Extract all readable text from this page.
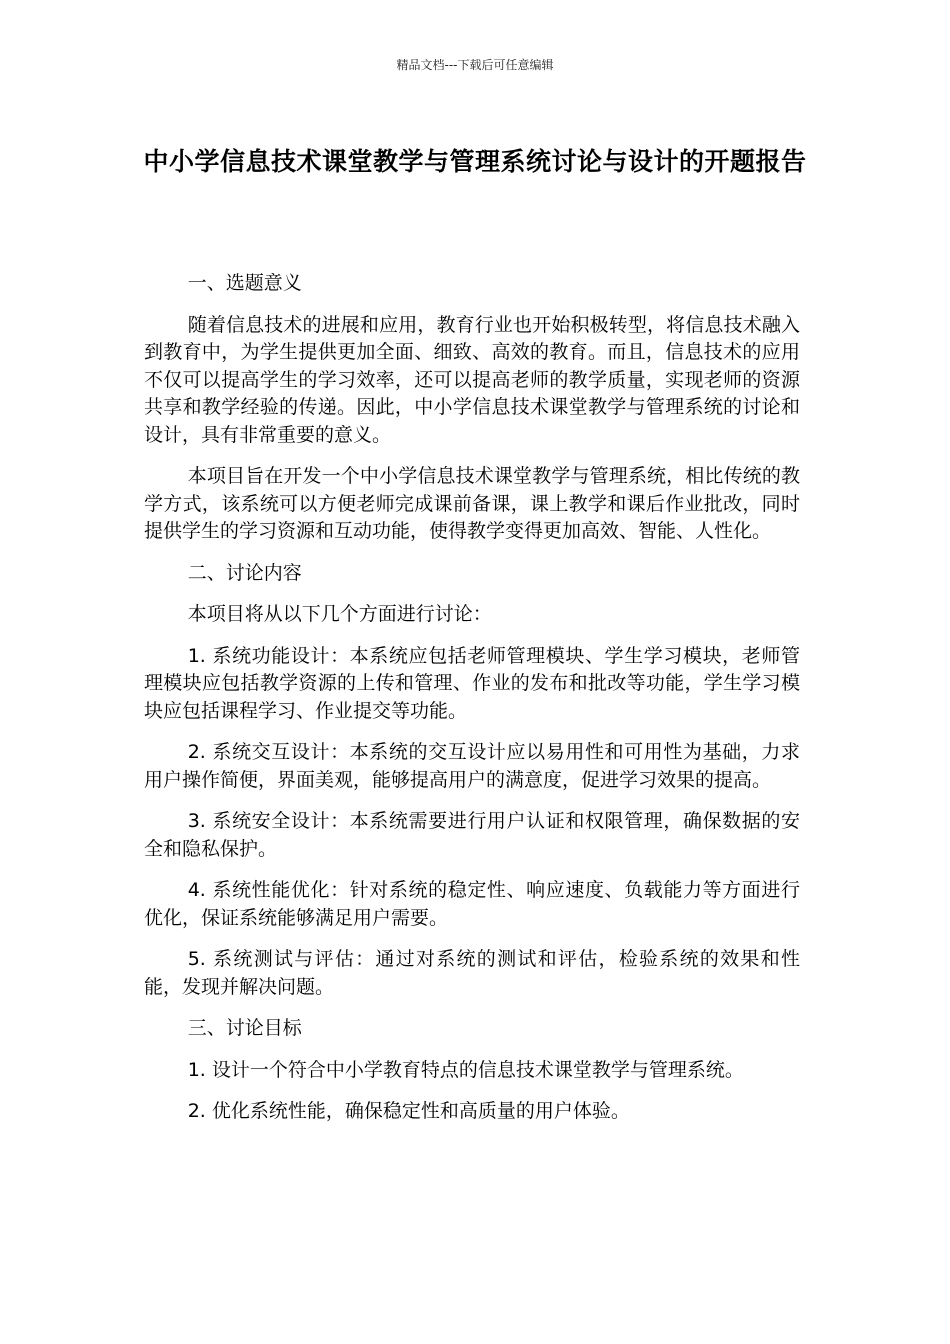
精品文档---下载后可任意编辑
中小学信息技术课堂教学与管理系统讨论与设计的开题报告

一、选题意义

随着信息技术的进展和应用，教育行业也开始积极转型，将信息技术融入到教育中，为学生提供更加全面、细致、高效的教育。而且，信息技术的应用不仅可以提高学生的学习效率，还可以提高老师的教学质量，实现老师的资源共享和教学经验的传递。因此，中小学信息技术课堂教学与管理系统的讨论和设计，具有非常重要的意义。

本项目旨在开发一个中小学信息技术课堂教学与管理系统，相比传统的教学方式，该系统可以方便老师完成课前备课，课上教学和课后作业批改，同时提供学生的学习资源和互动功能，使得教学变得更加高效、智能、人性化。

二、讨论内容

本项目将从以下几个方面进行讨论：

1. 系统功能设计：本系统应包括老师管理模块、学生学习模块，老师管理模块应包括教学资源的上传和管理、作业的发布和批改等功能，学生学习模块应包括课程学习、作业提交等功能。

2. 系统交互设计：本系统的交互设计应以易用性和可用性为基础，力求用户操作简便，界面美观，能够提高用户的满意度，促进学习效果的提高。

3. 系统安全设计：本系统需要进行用户认证和权限管理，确保数据的安全和隐私保护。

4. 系统性能优化：针对系统的稳定性、响应速度、负载能力等方面进行优化，保证系统能够满足用户需要。

5. 系统测试与评估：通过对系统的测试和评估，检验系统的效果和性能，发现并解决问题。

三、讨论目标

1. 设计一个符合中小学教育特点的信息技术课堂教学与管理系统。

2. 优化系统性能，确保稳定性和高质量的用户体验。
